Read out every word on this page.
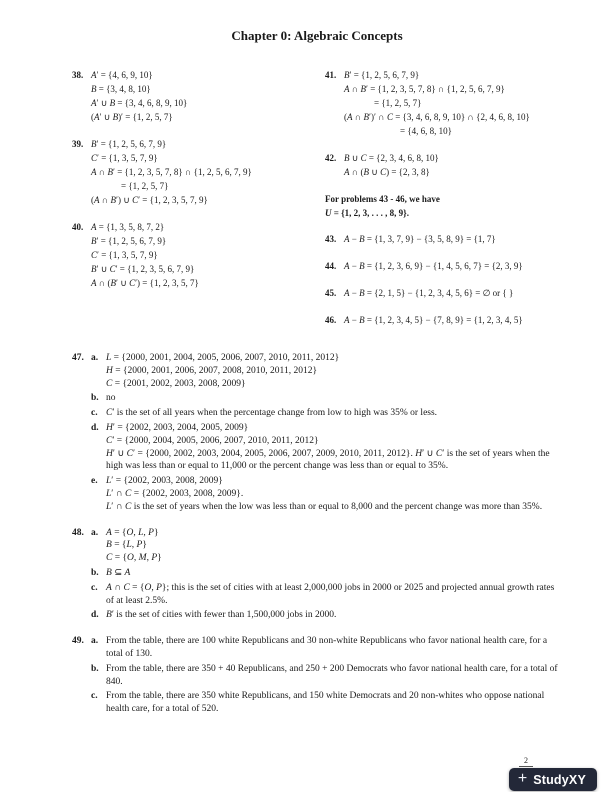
Chapter 0: Algebraic Concepts
38. A′ = {4, 6, 9, 10}
B = {3, 4, 8, 10}
A′ ∪ B = {3, 4, 6, 8, 9, 10}
(A′ ∪ B)′ = {1, 2, 5, 7}
39. B′ = {1, 2, 5, 6, 7, 9}
C′ = {1, 3, 5, 7, 9}
A ∩ B′ = {1, 2, 3, 5, 7, 8} ∩ {1, 2, 5, 6, 7, 9}
= {1, 2, 5, 7}
(A ∩ B′) ∪ C′ = {1, 2, 3, 5, 7, 9}
40. A = {1, 3, 5, 8, 7, 2}
B′ = {1, 2, 5, 6, 7, 9}
C′ = {1, 3, 5, 7, 9}
B′ ∪ C′ = {1, 2, 3, 5, 6, 7, 9}
A ∩ (B′ ∪ C′) = {1, 2, 3, 5, 7}
41. B′ = {1, 2, 5, 6, 7, 9}
A ∩ B′ = {1, 2, 3, 5, 7, 8} ∩ {1, 2, 5, 6, 7, 9}
= {1, 2, 5, 7}
(A ∩ B′)′ ∩ C = {3, 4, 6, 8, 9, 10} ∩ {2, 4, 6, 8, 10}
= {4, 6, 8, 10}
42. B ∪ C = {2, 3, 4, 6, 8, 10}
A ∩ (B ∪ C) = {2, 3, 8}
For problems 43 - 46, we have
U = {1, 2, 3, . . . , 8, 9}.
43. A − B = {1, 3, 7, 9} − {3, 5, 8, 9} = {1, 7}
44. A − B = {1, 2, 3, 6, 9} − {1, 4, 5, 6, 7} = {2, 3, 9}
45. A − B = {2, 1, 5} − {1, 2, 3, 4, 5, 6} = ∅ or { }
46. A − B = {1, 2, 3, 4, 5} − {7, 8, 9} = {1, 2, 3, 4, 5}
47. a. L = {2000, 2001, 2004, 2005, 2006, 2007, 2010, 2011, 2012}
H = {2000, 2001, 2006, 2007, 2008, 2010, 2011, 2012}
C = {2001, 2002, 2003, 2008, 2009}
b. no
c. C′ is the set of all years when the percentage change from low to high was 35% or less.
d. H′ = {2002, 2003, 2004, 2005, 2009}
C′ = {2000, 2004, 2005, 2006, 2007, 2010, 2011, 2012}
H′ ∪ C′ = {2000, 2002, 2003, 2004, 2005, 2006, 2007, 2009, 2010, 2011, 2012}. H′ ∪ C′ is the set of years when the high was less than or equal to 11,000 or the percent change was less than or equal to 35%.
e. L′ = {2002, 2003, 2008, 2009}
L′ ∩ C = {2002, 2003, 2008, 2009}.
L′ ∩ C is the set of years when the low was less than or equal to 8,000 and the percent change was more than 35%.
48. a. A = {O, L, P}
B = {L, P}
C = {O, M, P}
b. B ⊆ A
c. A ∩ C = {O, P}; this is the set of cities with at least 2,000,000 jobs in 2000 or 2025 and projected annual growth rates of at least 2.5%.
d. B′ is the set of cities with fewer than 1,500,000 jobs in 2000.
49. a. From the table, there are 100 white Republicans and 30 non-white Republicans who favor national health care, for a total of 130.
b. From the table, there are 350 + 40 Republicans, and 250 + 200 Democrats who favor national health care, for a total of 840.
c. From the table, there are 350 white Republicans, and 150 white Democrats and 20 non-whites who oppose national health care, for a total of 520.
2
+ StudyXY
